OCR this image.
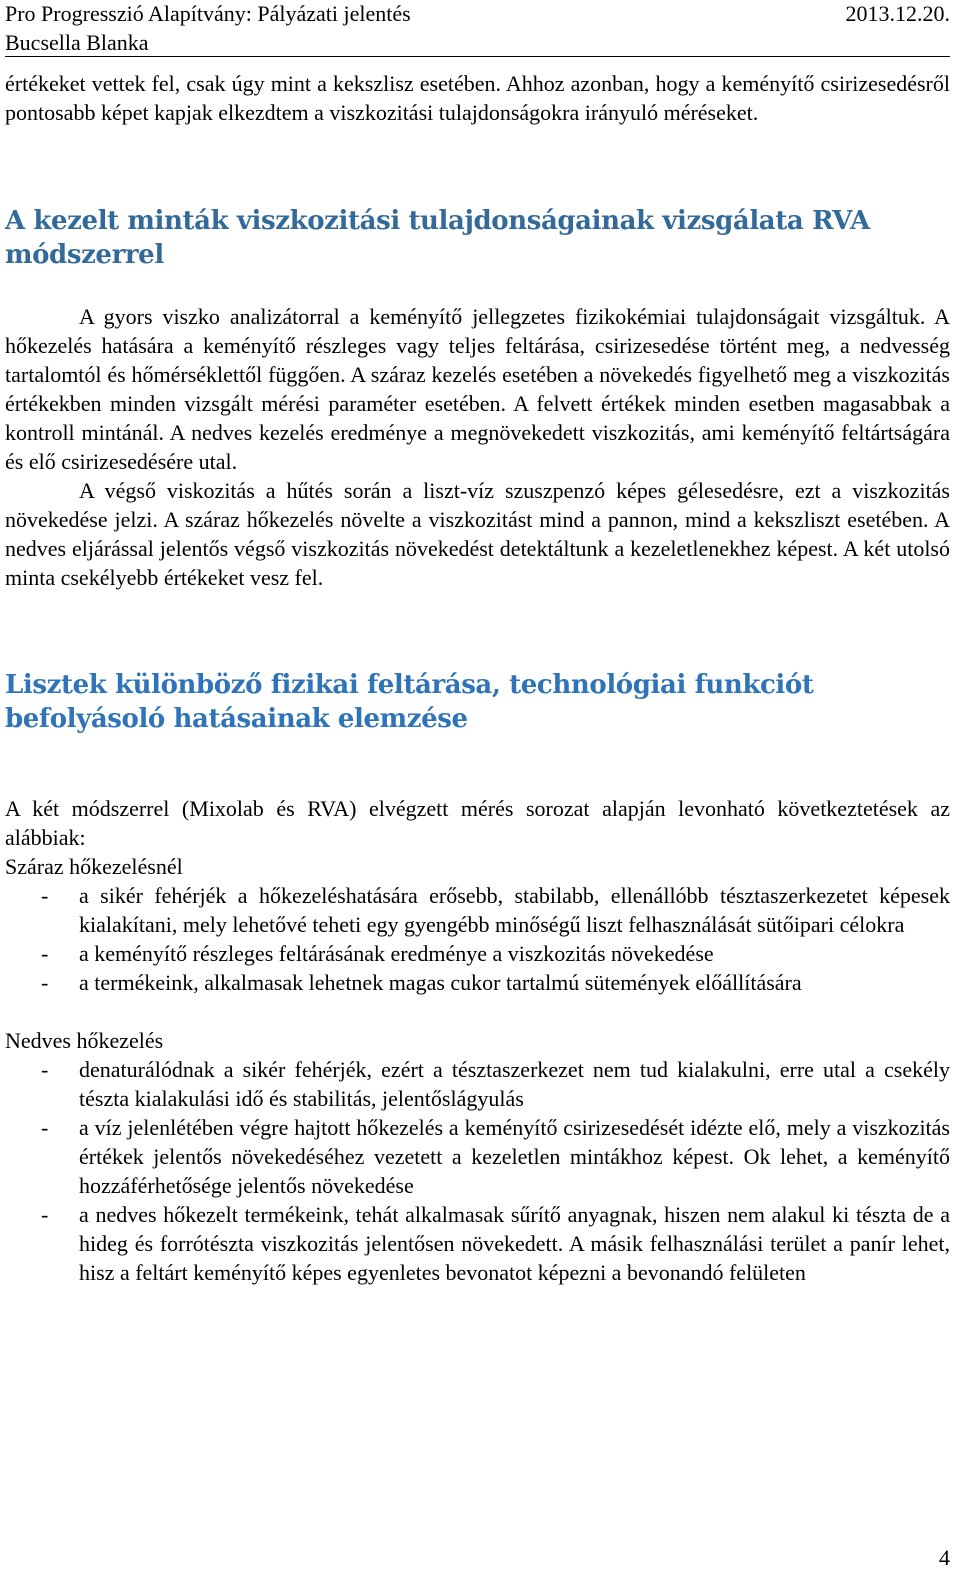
Pro Progresszió Alapítvány: Pályázati jelentés
Bucsella Blanka
2013.12.20.

értékeket vettek fel, csak úgy mint a kekszlisz esetében. Ahhoz azonban, hogy a keményítő csirizesedésről pontosabb képet kapjak elkezdtem a viszkozitási tulajdonságokra irányuló méréseket.

A kezelt minták viszkozitási tulajdonságainak vizsgálata RVA módszerrel

A gyors viszko analizátorral a keményítő jellegzetes fizikokémiai tulajdonságait vizsgáltuk. A hőkezelés hatására a keményítő részleges vagy teljes feltárása, csirizesedése történt meg, a nedvesség tartalomtól és hőmérséklettől függően. A száraz kezelés esetében a növekedés figyelhető meg a viszkozitás értékekben minden vizsgált mérési paraméter esetében. A felvett értékek minden esetben magasabbak a kontroll mintánál. A nedves kezelés eredménye a megnövekedett viszkozitás, ami keményítő feltártságára és elő csirizesedésére utal.

A végső viskozitás a hűtés során a liszt-víz szuszpenzó képes gélesedésre, ezt a viszkozitás növekedése jelzi. A száraz hőkezelés növelte a viszkozitást mind a pannon, mind a kekszliszt esetében. A nedves eljárással jelentős végső viszkozitás növekedést detektáltunk a kezeletlenekhez képest. A két utolsó minta csekélyebb értékeket vesz fel.

Lisztek különböző fizikai feltárása, technológiai funkciót befolyásoló hatásainak elemzése

A két módszerrel (Mixolab és RVA) elvégzett mérés sorozat alapján levonható következtetések az alábbiak:

Száraz hőkezelésnél
- a sikér fehérjék a hőkezeléshatására erősebb, stabilabb, ellenállóbb tésztaszerkezetet képesek kialakítani, mely lehetővé teheti egy gyengébb minőségű liszt felhasználását sütőipari célokra
- a keményítő részleges feltárásának eredménye a viszkozitás növekedése
- a termékeink, alkalmasak lehetnek magas cukor tartalmú sütemények előállítására
Nedves hőkezelés
- denaturálódnak a sikér fehérjék, ezért a tésztaszerkezet nem tud kialakulni, erre utal a csekély tészta kialakulási idő és stabilitás, jelentőslágyulás
- a víz jelenlétében végre hajtott hőkezelés a keményítő csirizesedését idézte elő, mely a viszkozitás értékek jelentős növekedéséhez vezetett a kezeletlen mintákhoz képest. Ok lehet, a keményítő hozzáférhetősége jelentős növekedése
- a nedves hőkezelt termékeink, tehát alkalmasak sűrítő anyagnak, hiszen nem alakul ki tészta de a hideg és forrótészta viszkozitás jelentősen növekedett. A másik felhasználási terület a panír lehet, hisz a feltárt keményítő képes egyenletes bevonatot képezni a bevonandó felületen
4
